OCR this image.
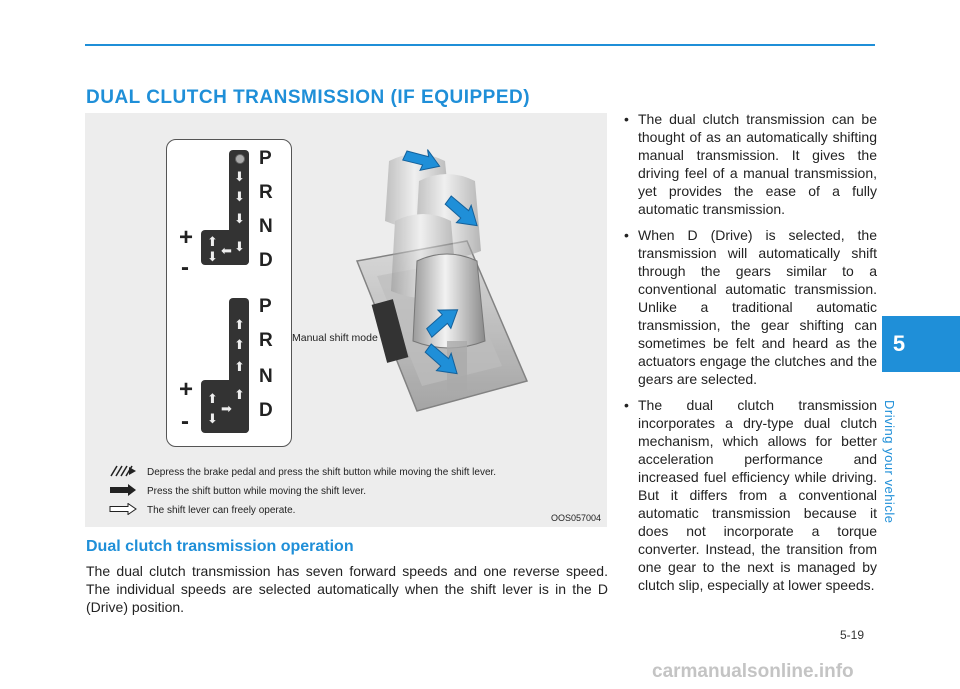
DUAL CLUTCH TRANSMISSION (IF EQUIPPED)
⬇
⬇
⬇
⬇
⬆
⬇ ⬅
P
R
N
D
+
-
⬆
⬆
⬆
⬆
⬆
⬇
➡
P
R
N
D
+
-
Manual shift mode
Depress the brake pedal and press the shift button while moving the shift lever.
Press the shift button while moving the shift lever.
The shift lever can freely operate.
OOS057004
Dual clutch transmission operation

The dual clutch transmission has seven forward speeds and one reverse speed. The individual speeds are selected automatically when the shift lever is in the D (Drive) position.

• The dual clutch transmission can be thought of as an automatically shifting manual transmission. It gives the driving feel of a manual transmission, yet provides the ease of a fully automatic transmission.
• When D (Drive) is selected, the transmission will automatically shift through the gears similar to a conventional automatic transmission. Unlike a traditional automatic transmission, the gear shifting can sometimes be felt and heard as the actuators engage the clutches and the gears are selected.
• The dual clutch transmission incorporates a dry-type dual clutch mechanism, which allows for better acceleration performance and increased fuel efficiency while driving. But it differs from a conventional automatic transmission because it does not incorporate a torque converter. Instead, the transition from one gear to the next is managed by clutch slip, especially at lower speeds.
5
Driving your vehicle
5-19
carmanualsonline.info
